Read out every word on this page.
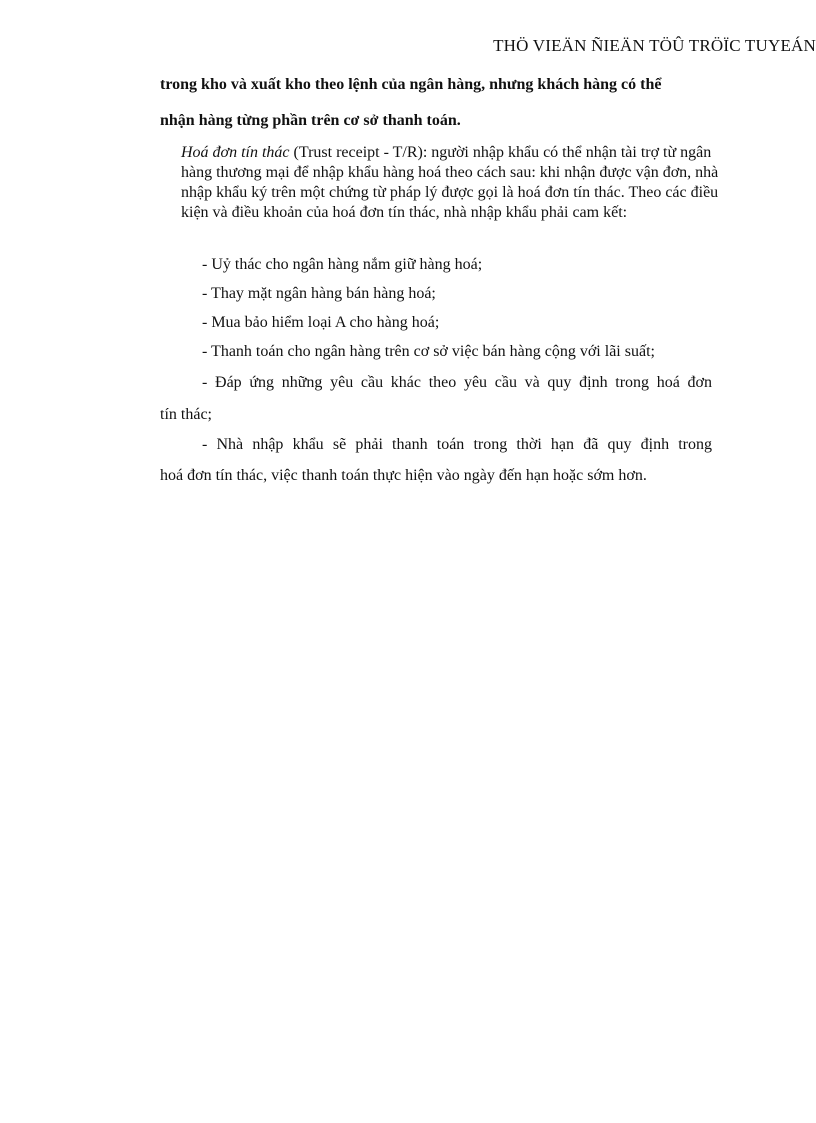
THÖ VIEÄN ÑIEÄN TÖÛ TRÖÏC TUYEÁN
trong kho và xuất kho theo lệnh của ngân hàng, nhưng khách hàng có thể
nhận hàng từng phần trên cơ sở thanh toán.
Hoá đơn tín thác (Trust receipt - T/R): người nhập khẩu có thể nhận tài trợ từ ngân hàng thương mại để nhập khẩu hàng hoá theo cách sau: khi nhận được vận đơn, nhà nhập khẩu ký trên một chứng từ pháp lý được gọi là hoá đơn tín thác. Theo các điều kiện và điều khoản của hoá đơn tín thác, nhà nhập khẩu phải cam kết:
- Uỷ thác cho ngân hàng nắm giữ hàng hoá;
- Thay mặt ngân hàng bán hàng hoá;
- Mua bảo hiểm loại A cho hàng hoá;
- Thanh toán cho ngân hàng trên cơ sở việc bán hàng cộng với lãi suất;
- Đáp ứng những yêu cầu khác theo yêu cầu và quy định trong hoá đơn
tín thác;
- Nhà nhập khẩu sẽ phải thanh toán trong thời hạn đã quy định trong
hoá đơn tín thác, việc thanh toán thực hiện vào ngày đến hạn hoặc sớm hơn.
